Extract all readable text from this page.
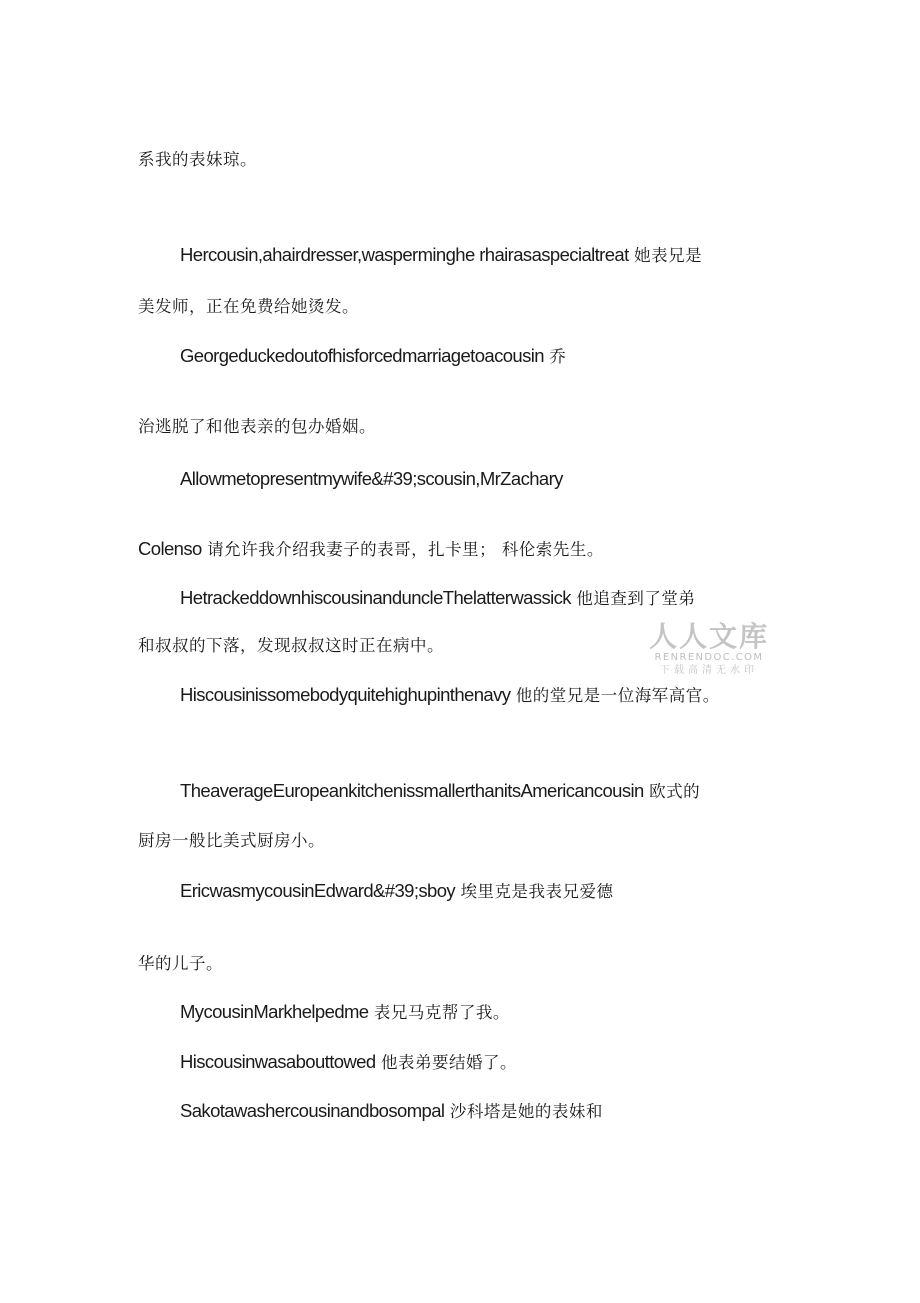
系我的表妹琼。
Hercousin,ahairdresser,wasperminghe rhairasaspecialtreat 她表兄是
美发师，正在免费给她烫发。
Georgeduckedoutofhisforcedmarriagetoacousin 乔
治逃脱了和他表亲的包办婚姻。
Allowmetopresentmywife&#39;scousin,MrZachary
Colenso 请允许我介绍我妻子的表哥，扎卡里； 科伦索先生。
HetrackeddownhiscousinanduncleThelatterwassick 他追查到了堂弟
和叔叔的下落，发现叔叔这时正在病中。
Hiscousinissomebodyquitehighupinthenavy 他的堂兄是一位海军高官。
TheaverageEuropeankitchenissmallerthanitsAmericancousin 欧式的
厨房一般比美式厨房小。
EricwasmycousinEdward&#39;sboy 埃里克是我表兄爱德
华的儿子。
MycousinMarkhelpedme 表兄马克帮了我。
Hiscousinwasabouttowed 他表弟要结婚了。
Sakotawashercousinandbosompal 沙科塔是她的表妹和
人人文库
RENRENDOC.COM
下载高清无水印
